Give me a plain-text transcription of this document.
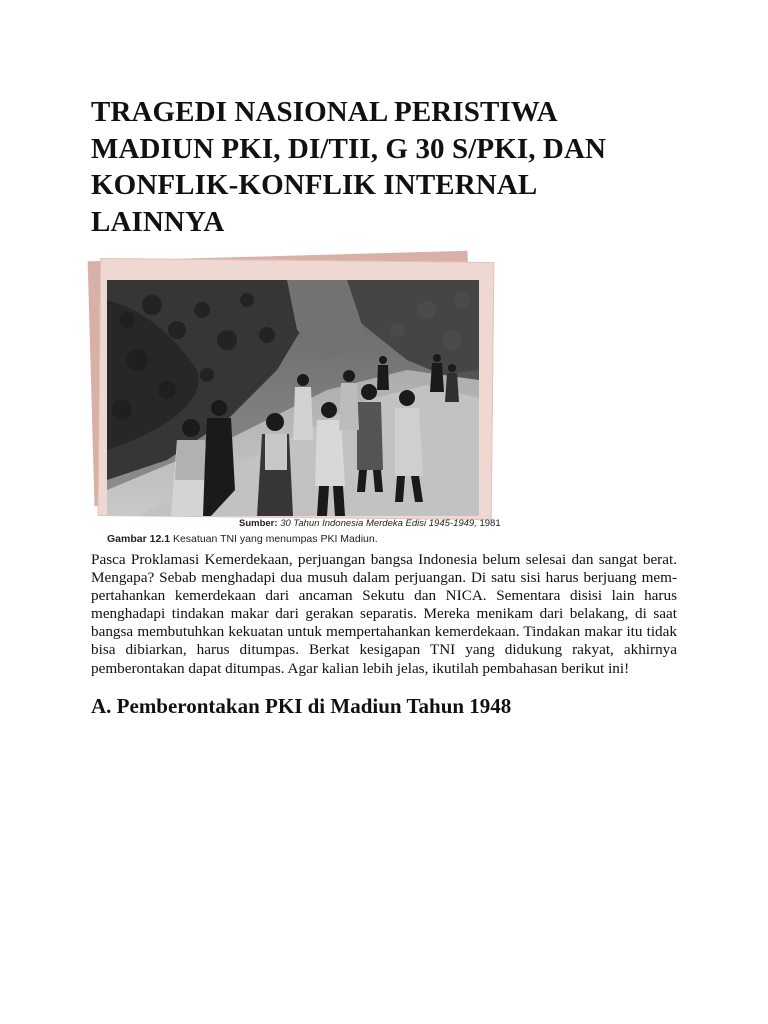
TRAGEDI NASIONAL PERISTIWA
MADIUN PKI, DI/TII, G 30 S/PKI, DAN
KONFLIK-KONFLIK INTERNAL
LAINNYA
Sumber: 30 Tahun Indonesia Merdeka Edisi 1945-1949, 1981
Gambar 12.1 Kesatuan TNI yang menumpas PKI Madiun.
Pasca Proklamasi Kemerdekaan, perjuangan bangsa Indonesia belum selesai dan sangat berat.
Mengapa? Sebab menghadapi dua musuh dalam perjuangan. Di satu sisi harus berjuang mem-
pertahankan kemerdekaan dari ancaman Sekutu dan NICA. Sementara disisi lain harus
menghadapi tindakan makar dari gerakan separatis. Mereka menikam dari belakang, di saat
bangsa membutuhkan kekuatan untuk mempertahankan kemerdekaan. Tindakan makar itu tidak
bisa dibiarkan, harus ditumpas. Berkat kesigapan TNI yang didukung rakyat, akhirnya
pemberontakan dapat ditumpas. Agar kalian lebih jelas, ikutilah pembahasan berikut ini!
A. Pemberontakan PKI di Madiun Tahun 1948
